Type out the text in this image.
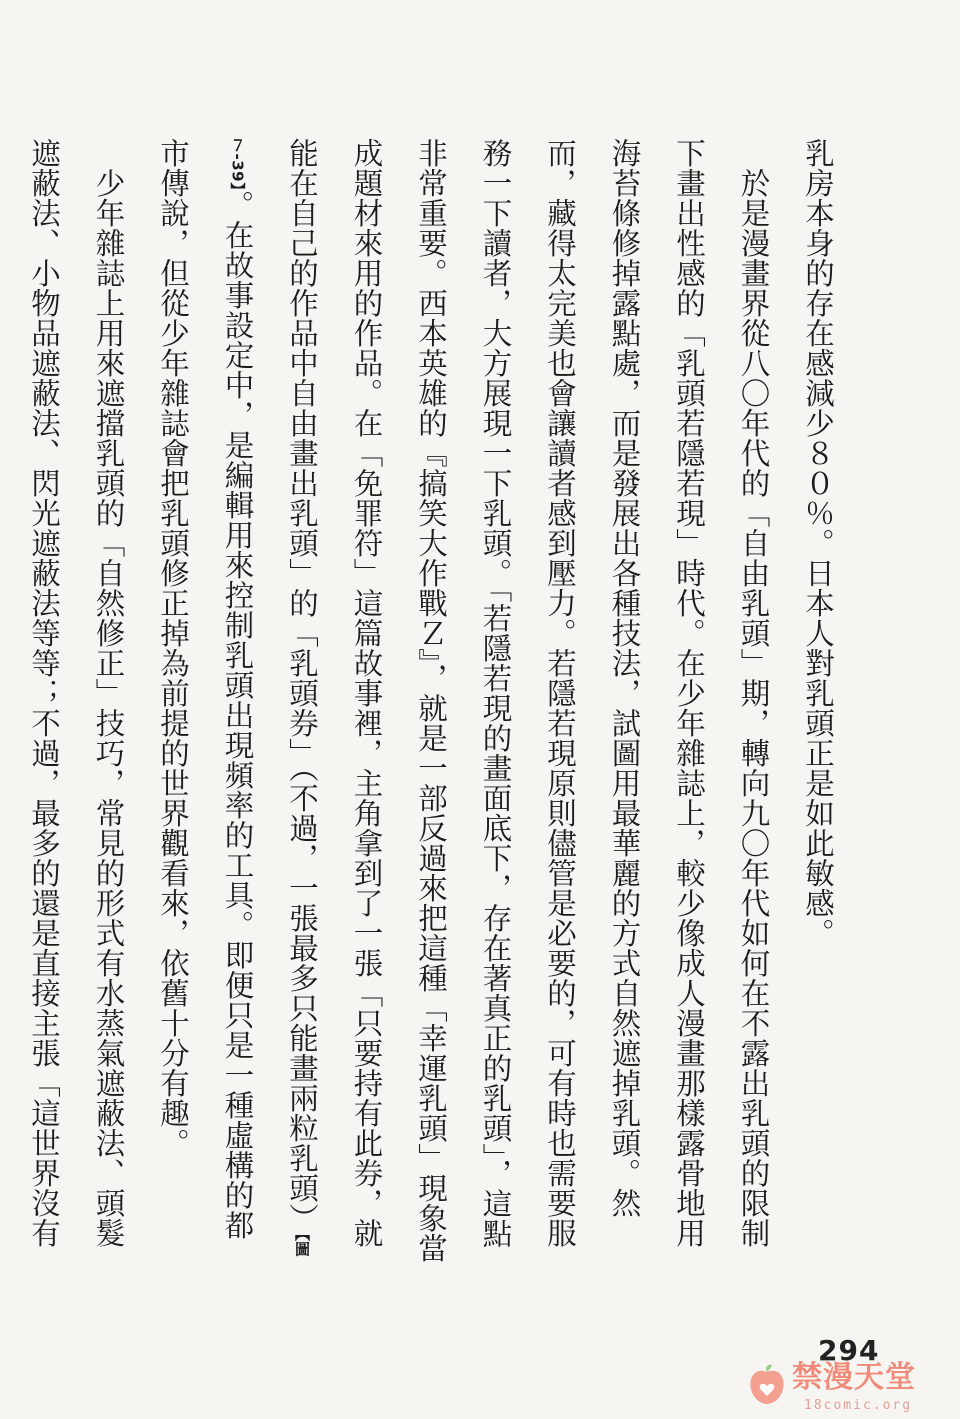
乳房本身的存在感減少８０％。日本人對乳頭正是如此敏感。

於是漫畫界從八〇年代的「自由乳頭」期，轉向九〇年代如何在不露出乳頭的限制下畫出性感的「乳頭若隱若現」時代。在少年雜誌上，較少像成人漫畫那樣露骨地用海苔條修掉露點處，而是發展出各種技法，試圖用最華麗的方式自然遮掉乳頭。然而，藏得太完美也會讓讀者感到壓力。若隱若現原則儘管是必要的，可有時也需要服務一下讀者，大方展現一下乳頭。「若隱若現的畫面底下，存在著真正的乳頭」，這點非常重要。西本英雄的『搞笑大作戰Ｚ』，就是一部反過來把這種「幸運乳頭」現象當成題材來用的作品。在「免罪符」這篇故事裡，主角拿到了一張「只要持有此券，就能在自己的作品中自由畫出乳頭」的「乳頭券」（不過，一張最多只能畫兩粒乳頭）【圖７-39】。在故事設定中，是編輯用來控制乳頭出現頻率的工具。即便只是一種虛構的都市傳說，但從少年雜誌會把乳頭修正掉為前提的世界觀看來，依舊十分有趣。

少年雜誌上用來遮擋乳頭的「自然修正」技巧，常見的形式有水蒸氣遮蔽法、頭髮遮蔽法、小物品遮蔽法、閃光遮蔽法等等；不過，最多的還是直接主張「這世界沒有

294
禁漫天堂
18comic.org
